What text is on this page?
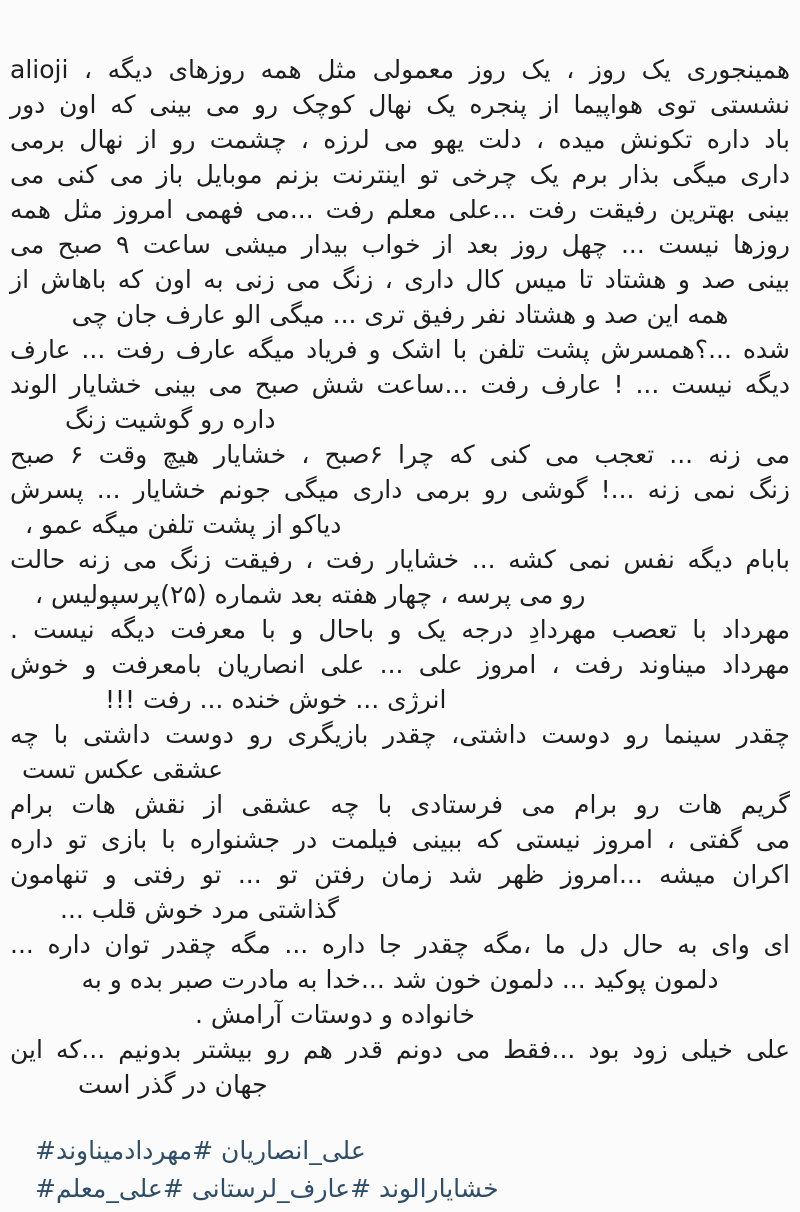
همینجوری یک روز ، یک روز معمولی مثل همه روزهای دیگه ، alioji
نشستی توی هواپیما از پنجره یک نهال کوچک رو می بینی که اون دور
باد داره تکونش میده ، دلت یهو می لرزه ، چشمت رو از نهال برمی
داری میگی بذار برم یک چرخی تو اینترنت بزنم موبایل باز می کنی می
بینی بهترین رفیقت رفت ...علی معلم رفت ...می فهمی امروز مثل همه
روزها نیست ... چهل روز بعد از خواب بیدار میشی ساعت ۹ صبح می
بینی صد و هشتاد تا میس کال داری ، زنگ می زنی به اون که باهاش از
همه این صد و هشتاد نفر رفیق تری ... میگی الو عارف جان چی
شده ...؟همسرش پشت تلفن با اشک و فریاد میگه عارف رفت ... عارف
دیگه نیست ... ! عارف رفت ...ساعت شش صبح می بینی خشایار الوند
داره رو گوشیت زنگ
می زنه ... تعجب می کنی که چرا ۶صبح ، خشایار هیچ وقت ۶ صبح
زنگ نمی زنه ...! گوشی رو برمی داری میگی جونم خشایار ... پسرش
دیاکو از پشت تلفن میگه عمو ،
بابام دیگه نفس نمی کشه ... خشایار رفت ، رفیقت زنگ می زنه حالت
رو می پرسه ، چهار هفته بعد شماره (۲۵)پرسپولیس ،
مهرداد با تعصب مهردادِ درجه یک و باحال و با معرفت دیگه نیست .
مهرداد میناوند رفت ، امروز علی ... علی انصاریان بامعرفت و خوش
انرژی ... خوش خنده ... رفت !!!
چقدر سینما رو دوست داشتی، چقدر بازیگری رو دوست داشتی با چه
عشقی عکس تست
گریم هات رو برام می فرستادی با چه عشقی از نقش هات برام
می گفتی ، امروز نیستی که ببینی فیلمت در جشنواره با بازی تو داره
اکران میشه ...امروز ظهر شد زمان رفتن تو ... تو رفتی و تنهامون
گذاشتی مرد خوش قلب ...
ای وای به حال دل ما ،مگه چقدر جا داره ... مگه چقدر توان داره ...
دلمون پوکید ... دلمون خون شد ...خدا به مادرت صبر بده و به
خانواده و دوستات آرامش .
علی خیلی زود بود ...فقط می دونم قدر هم رو بیشتر بدونیم ...که این
جهان در گذر است
#علی_انصاریان #مهردادمیناوند
#خشایارالوند #عارف_لرستانی #علی_معلم
